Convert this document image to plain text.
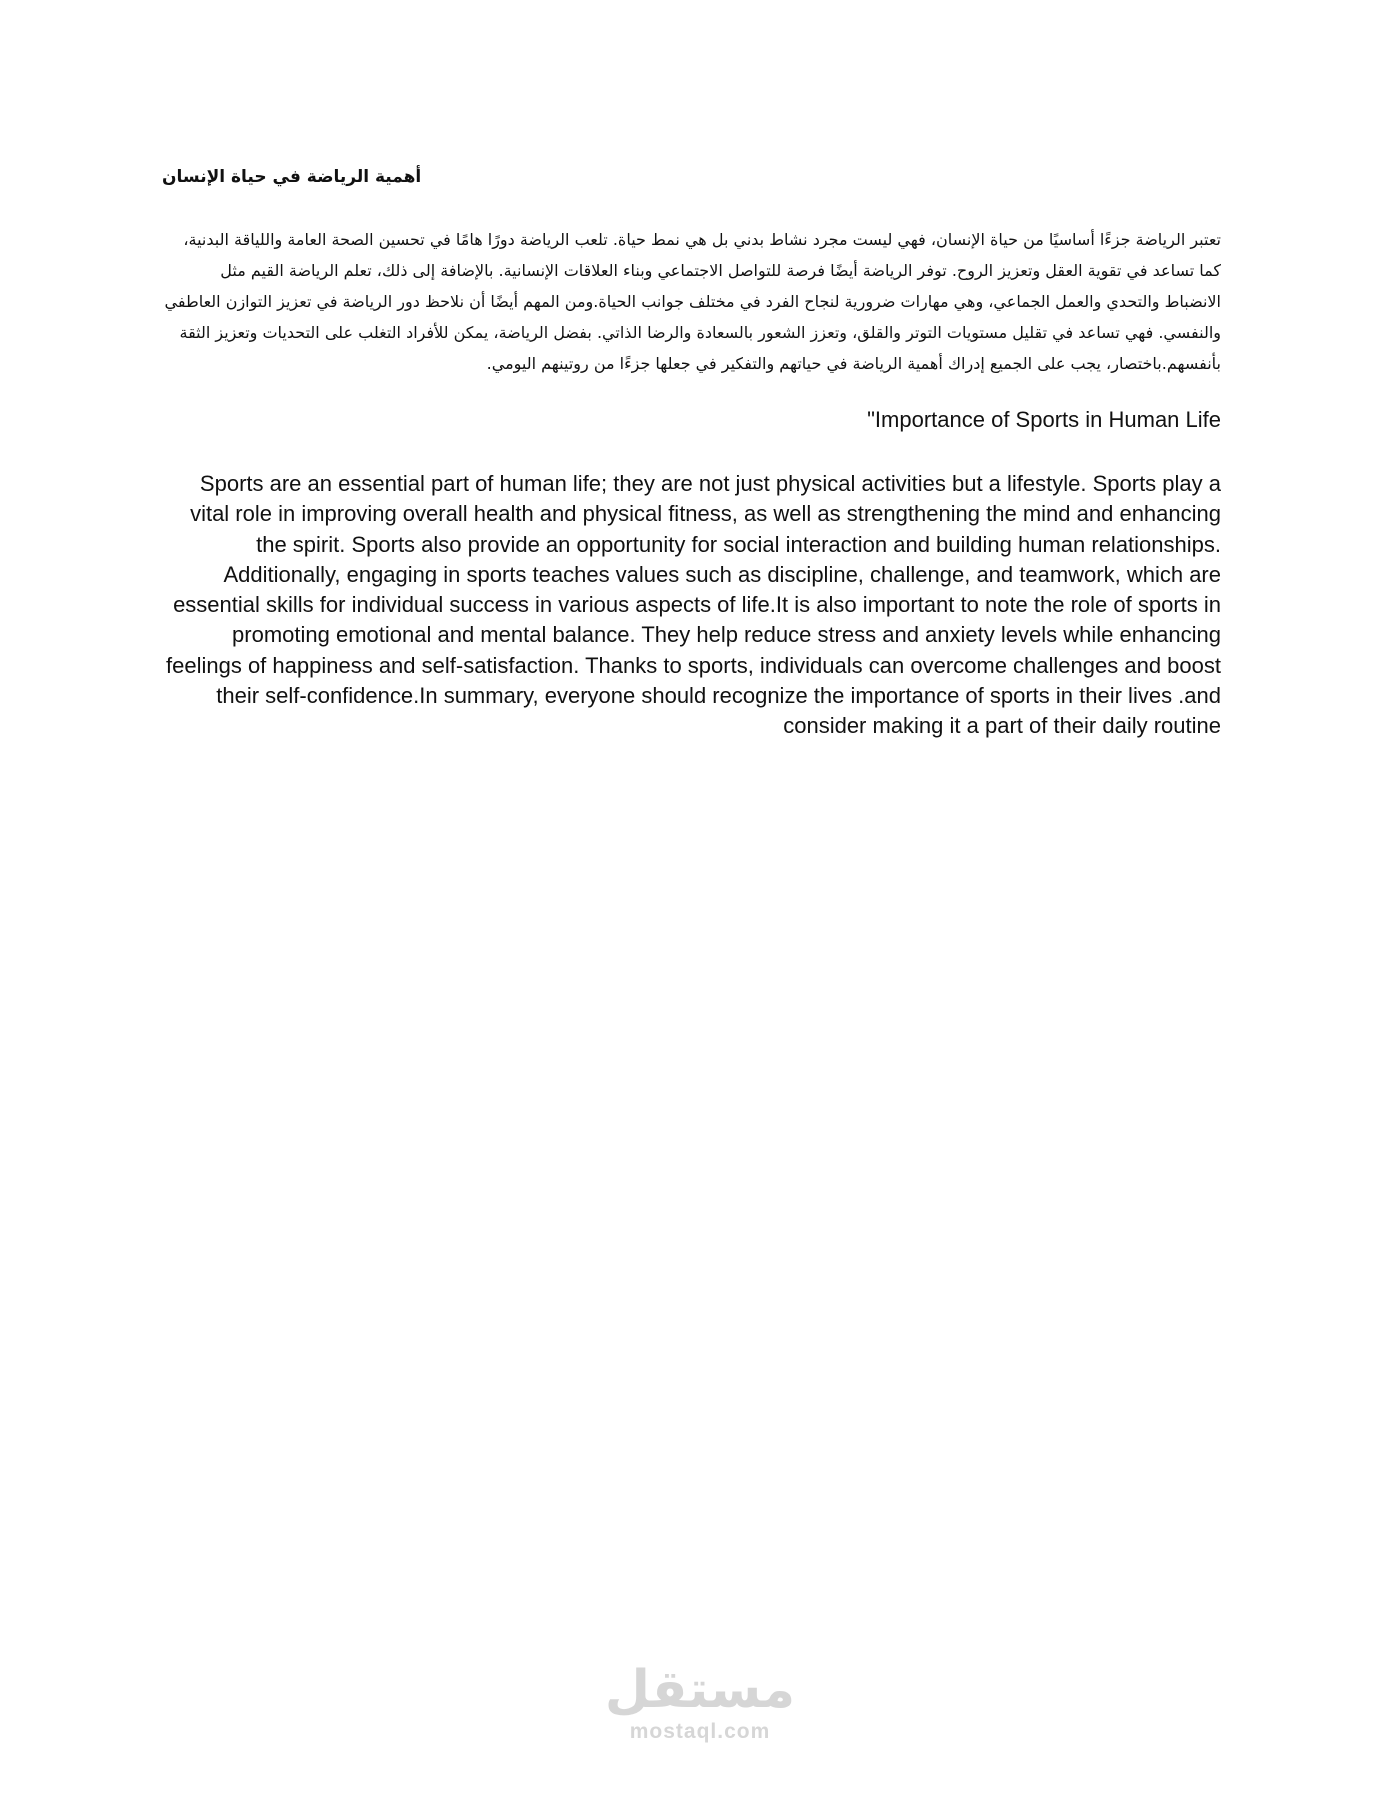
أهمية الرياضة في حياة الإنسان
تعتبر الرياضة جزءًا أساسيًا من حياة الإنسان، فهي ليست مجرد نشاط بدني بل هي نمط حياة. تلعب الرياضة دورًا هامًا في تحسين الصحة العامة واللياقة البدنية، كما تساعد في تقوية العقل وتعزيز الروح. توفر الرياضة أيضًا فرصة للتواصل الاجتماعي وبناء العلاقات الإنسانية. بالإضافة إلى ذلك، تعلم الرياضة القيم مثل الانضباط والتحدي والعمل الجماعي، وهي مهارات ضرورية لنجاح الفرد في مختلف جوانب الحياة.ومن المهم أيضًا أن نلاحظ دور الرياضة في تعزيز التوازن العاطفي والنفسي. فهي تساعد في تقليل مستويات التوتر والقلق، وتعزز الشعور بالسعادة والرضا الذاتي. بفضل الرياضة، يمكن للأفراد التغلب على التحديات وتعزيز الثقة بأنفسهم.باختصار، يجب على الجميع إدراك أهمية الرياضة في حياتهم والتفكير في جعلها جزءًا من روتينهم اليومي.
"Importance of Sports in Human Life
Sports are an essential part of human life; they are not just physical activities but a lifestyle. Sports play a vital role in improving overall health and physical fitness, as well as strengthening the mind and enhancing the spirit. Sports also provide an opportunity for social interaction and building human relationships. Additionally, engaging in sports teaches values such as discipline, challenge, and teamwork, which are essential skills for individual success in various aspects of life.It is also important to note the role of sports in promoting emotional and mental balance. They help reduce stress and anxiety levels while enhancing feelings of happiness and self-satisfaction. Thanks to sports, individuals can overcome challenges and boost their self-confidence.In summary, everyone should recognize the importance of sports in their lives .and consider making it a part of their daily routine
مستقل
mostaql.com
